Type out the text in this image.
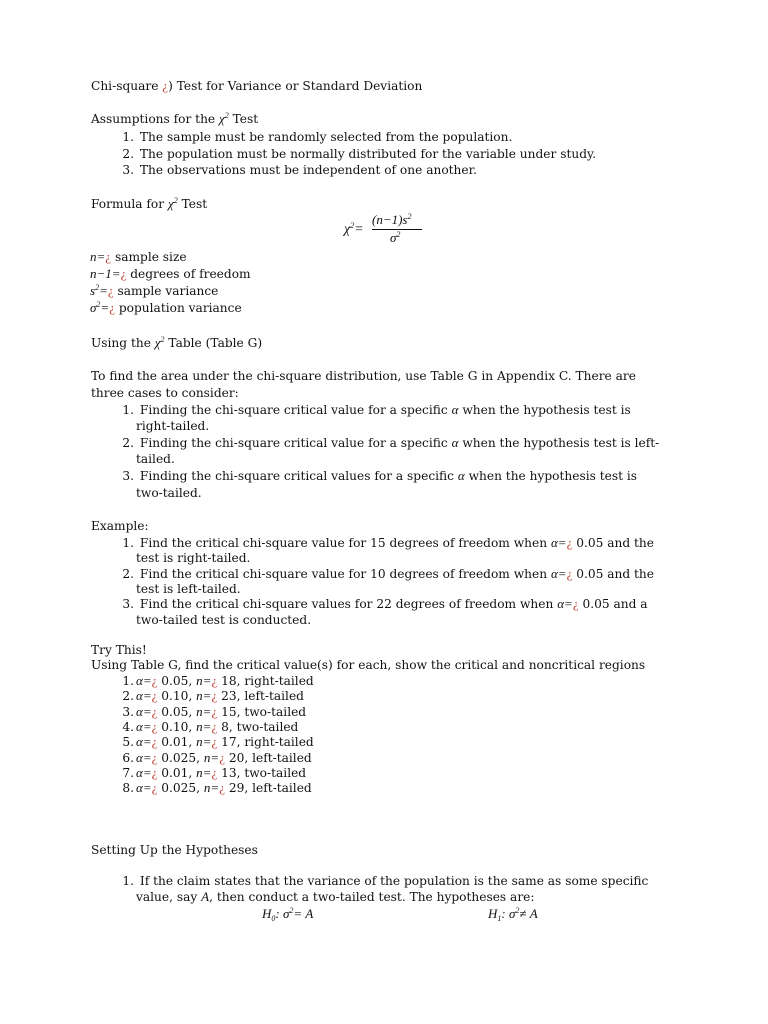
Chi-square ¿) Test for Variance or Standard Deviation
Assumptions for the $\chi^2$ Test
1. The sample must be randomly selected from the population.
2. The population must be normally distributed for the variable under study.
3. The observations must be independent of one another.
Formula for $\chi^2$ Test
$\chi^2=$
$(n-1)s^2$
$\sigma^2$
n=¿ sample size
n−1=¿ degrees of freedom
$s^2=¿$ sample variance
$\sigma^2=¿$ population variance
Using the $\chi^2$ Table (Table G)
To find the area under the chi-square distribution, use Table G in Appendix C. There are three cases to consider:
1. Finding the chi-square critical value for a specific α when the hypothesis test is
right-tailed.
2. Finding the chi-square critical value for a specific α when the hypothesis test is left-
tailed.
3. Finding the chi-square critical values for a specific α when the hypothesis test is
two-tailed.
Example:
1. Find the critical chi-square value for 15 degrees of freedom when α=¿ 0.05 and the
test is right-tailed.
2. Find the critical chi-square value for 10 degrees of freedom when α=¿ 0.05 and the
test is left-tailed.
3. Find the critical chi-square values for 22 degrees of freedom when α=¿ 0.05 and a
two-tailed test is conducted.
Try This!
Using Table G, find the critical value(s) for each, show the critical and noncritical regions
1. α=¿ 0.05, n=¿ 18, right-tailed
2. α=¿ 0.10, n=¿ 23, left-tailed
3. α=¿ 0.05, n=¿ 15, two-tailed
4. α=¿ 0.10, n=¿ 8, two-tailed
5. α=¿ 0.01, n=¿ 17, right-tailed
6. α=¿ 0.025, n=¿ 20, left-tailed
7. α=¿ 0.01, n=¿ 13, two-tailed
8. α=¿ 0.025, n=¿ 29, left-tailed
Setting Up the Hypotheses
1. If the claim states that the variance of the population is the same as some specific
value, say A, then conduct a two-tailed test. The hypotheses are:
$H_0$: $\sigma^2= A$	$H_1$: $\sigma^2\ne A$
